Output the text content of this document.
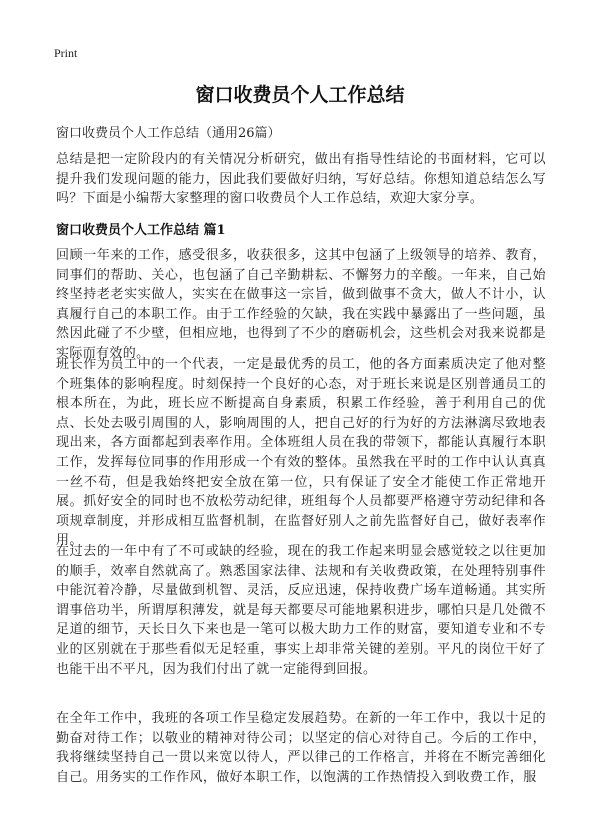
Print
窗口收费员个人工作总结

窗口收费员个人工作总结（通用26篇）

总结是把一定阶段内的有关情况分析研究，做出有指导性结论的书面材料，它可以提升我们发现问题的能力，因此我们要做好归纳，写好总结。你想知道总结怎么写吗？下面是小编帮大家整理的窗口收费员个人工作总结，欢迎大家分享。

窗口收费员个人工作总结 篇1

回顾一年来的工作，感受很多，收获很多，这其中包涵了上级领导的培养、教育，同事们的帮助、关心，也包涵了自己辛勤耕耘、不懈努力的辛酸。一年来，自己始终坚持老老实实做人，实实在在做事这一宗旨，做到做事不贪大，做人不计小，认真履行自己的本职工作。由于工作经验的欠缺，我在实践中暴露出了一些问题，虽然因此碰了不少壁，但相应地，也得到了不少的磨砺机会，这些机会对我来说都是实际而有效的。

班长作为员工中的一个代表，一定是最优秀的员工，他的各方面素质决定了他对整个班集体的影响程度。时刻保持一个良好的心态，对于班长来说是区别普通员工的根本所在，为此，班长应不断提高自身素质，积累工作经验，善于利用自己的优点、长处去吸引周围的人，影响周围的人，把自己好的行为好的方法淋漓尽致地表现出来，各方面都起到表率作用。全体班组人员在我的带领下，都能认真履行本职工作，发挥每位同事的作用形成一个有效的整体。虽然我在平时的工作中认认真真一丝不苟，但是我始终把安全放在第一位，只有保证了安全才能使工作正常地开展。抓好安全的同时也不放松劳动纪律，班组每个人员都要严格遵守劳动纪律和各项规章制度，并形成相互监督机制，在监督好别人之前先监督好自己，做好表率作用。

在过去的一年中有了不可或缺的经验，现在的我工作起来明显会感觉较之以往更加的顺手，效率自然就高了。熟悉国家法律、法规和有关收费政策，在处理特别事件中能沉着冷静，尽量做到机智、灵活，反应迅速，保持收费广场车道畅通。其实所谓事倍功半，所谓厚积薄发，就是每天都要尽可能地累积进步，哪怕只是几处微不足道的细节，天长日久下来也是一笔可以极大助力工作的财富，要知道专业和不专业的区别就在于那些看似无足轻重，事实上却非常关键的差别。平凡的岗位干好了也能干出不平凡，因为我们付出了就一定能得到回报。

在全年工作中，我班的各项工作呈稳定发展趋势。在新的一年工作中，我以十足的勤奋对待工作；以敬业的精神对待公司；以坚定的信心对待自己。今后的工作中，我将继续坚持自己一贯以来宽以待人，严以律己的工作格言，并将在不断完善细化自己。用务实的工作作风，做好本职工作，以饱满的工作热情投入到收费工作，服
